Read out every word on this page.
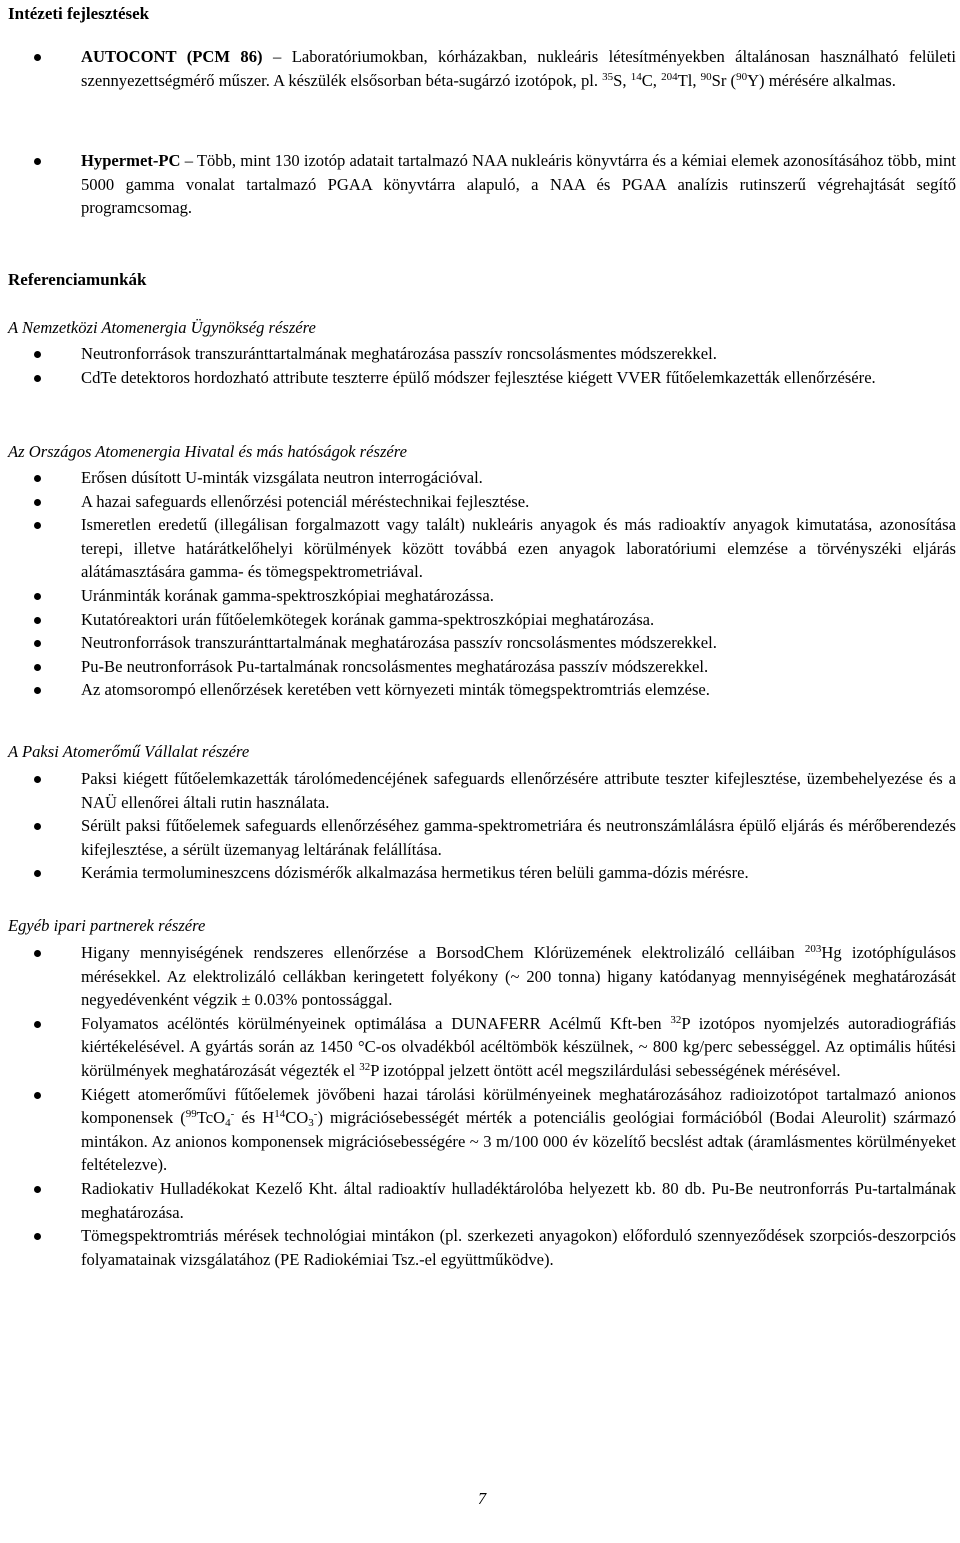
Intézeti fejlesztések
AUTOCONT (PCM 86) – Laboratóriumokban, kórházakban, nukleáris létesítményekben általánosan használható felületi szennyezettségmérő műszer. A készülék elsősorban béta-sugárzó izotópok, pl. $^{35}$S, $^{14}$C, $^{204}$Tl, $^{90}$Sr ($^{90}$Y) mérésére alkalmas.
Hypermet-PC – Több, mint 130 izotóp adatait tartalmazó NAA nukleáris könyvtárra és a kémiai elemek azonosításához több, mint 5000 gamma vonalat tartalmazó PGAA könyvtárra alapuló, a NAA és PGAA analízis rutinszerű végrehajtását segítő programcsomag.
Referenciamunkák

A Nemzetközi Atomenergia Ügynökség részére

Neutronforrások transzuránttartalmának meghatározása passzív roncsolásmentes módszerekkel.
CdTe detektoros hordozható attribute teszterre épülő módszer fejlesztése kiégett VVER fűtőelemkazetták ellenőrzésére.

Az Országos Atomenergia Hivatal és más hatóságok részére

Erősen dúsított U-minták vizsgálata neutron interrogációval.
A hazai safeguards ellenőrzési potenciál méréstechnikai fejlesztése.
Ismeretlen eredetű (illegálisan forgalmazott vagy talált) nukleáris anyagok és más radioaktív anyagok kimutatása, azonosítása terepi, illetve határátkelőhelyi körülmények között továbbá ezen anyagok laboratóriumi elemzése a törvényszéki eljárás alátámasztására gamma- és tömegspektrometriával.
Uránminták korának gamma-spektroszkópiai meghatározássa.
Kutatóreaktori urán fűtőelemkötegek korának gamma-spektroszkópiai meghatározása.
Neutronforrások transzuránttartalmának meghatározása passzív roncsolásmentes módszerekkel.
Pu-Be neutronforrások Pu-tartalmának roncsolásmentes meghatározása passzív módszerekkel.
Az atomsorompó ellenőrzések keretében vett környezeti minták tömegspektromtriás elemzése.

A Paksi Atomerőmű Vállalat részére

Paksi kiégett fűtőelemkazetták tárolómedencéjének safeguards ellenőrzésére attribute teszter kifejlesztése, üzembehelyezése és a NAÜ ellenőrei általi rutin használata.
Sérült paksi fűtőelemek safeguards ellenőrzéséhez gamma-spektrometriára és neutronszámlálásra épülő eljárás és mérőberendezés kifejlesztése, a sérült üzemanyag leltárának felállítása.
Kerámia termolumineszcens dózismérők alkalmazása hermetikus téren belüli gamma-dózis mérésre.

Egyéb ipari partnerek részére

Higany mennyiségének rendszeres ellenőrzése a BorsodChem Klórüzemének elektrolizáló celláiban $^{203}$Hg izotóphígulásos mérésekkel. Az elektrolizáló cellákban keringetett folyékony (~ 200 tonna) higany katódanyag mennyiségének meghatározását negyedévenként végzik ± 0.03% pontossággal.
Folyamatos acélöntés körülményeinek optimálása a DUNAFERR Acélmű Kft-ben $^{32}$P izotópos nyomjelzés autoradiográfiás kiértékelésével. A gyártás során az 1450 °C-os olvadékból acéltömbök készülnek, ~ 800 kg/perc sebességgel. Az optimális hűtési körülmények meghatározását végezték el $^{32}$P izotóppal jelzett öntött acél megszilárdulási sebességének mérésével.
Kiégett atomerőművi fűtőelemek jövőbeni hazai tárolási körülményeinek meghatározásához radioizotópot tartalmazó anionos komponensek ($^{99}$TcO$_4$- és $H^{14}CO_3^-$) migrációsebességét mérték a potenciális geológiai formációból (Bodai Aleurolit) származó mintákon. Az anionos komponensek migrációsebességére ~ 3 m/100 000 év közelítő becslést adtak (áramlásmentes körülményeket feltételezve).
Radiokativ Hulladékokat Kezelő Kht. által radioaktív hulladéktárolóba helyezett kb. 80 db. Pu-Be neutronforrás Pu-tartalmának meghatározása.
Tömegspektromtriás mérések technológiai mintákon (pl. szerkezeti anyagokon) előforduló szennyeződések szorpciós-deszorpciós folyamatainak vizsgálatához (PE Radiokémiai Tsz.-el együttműködve).
7
